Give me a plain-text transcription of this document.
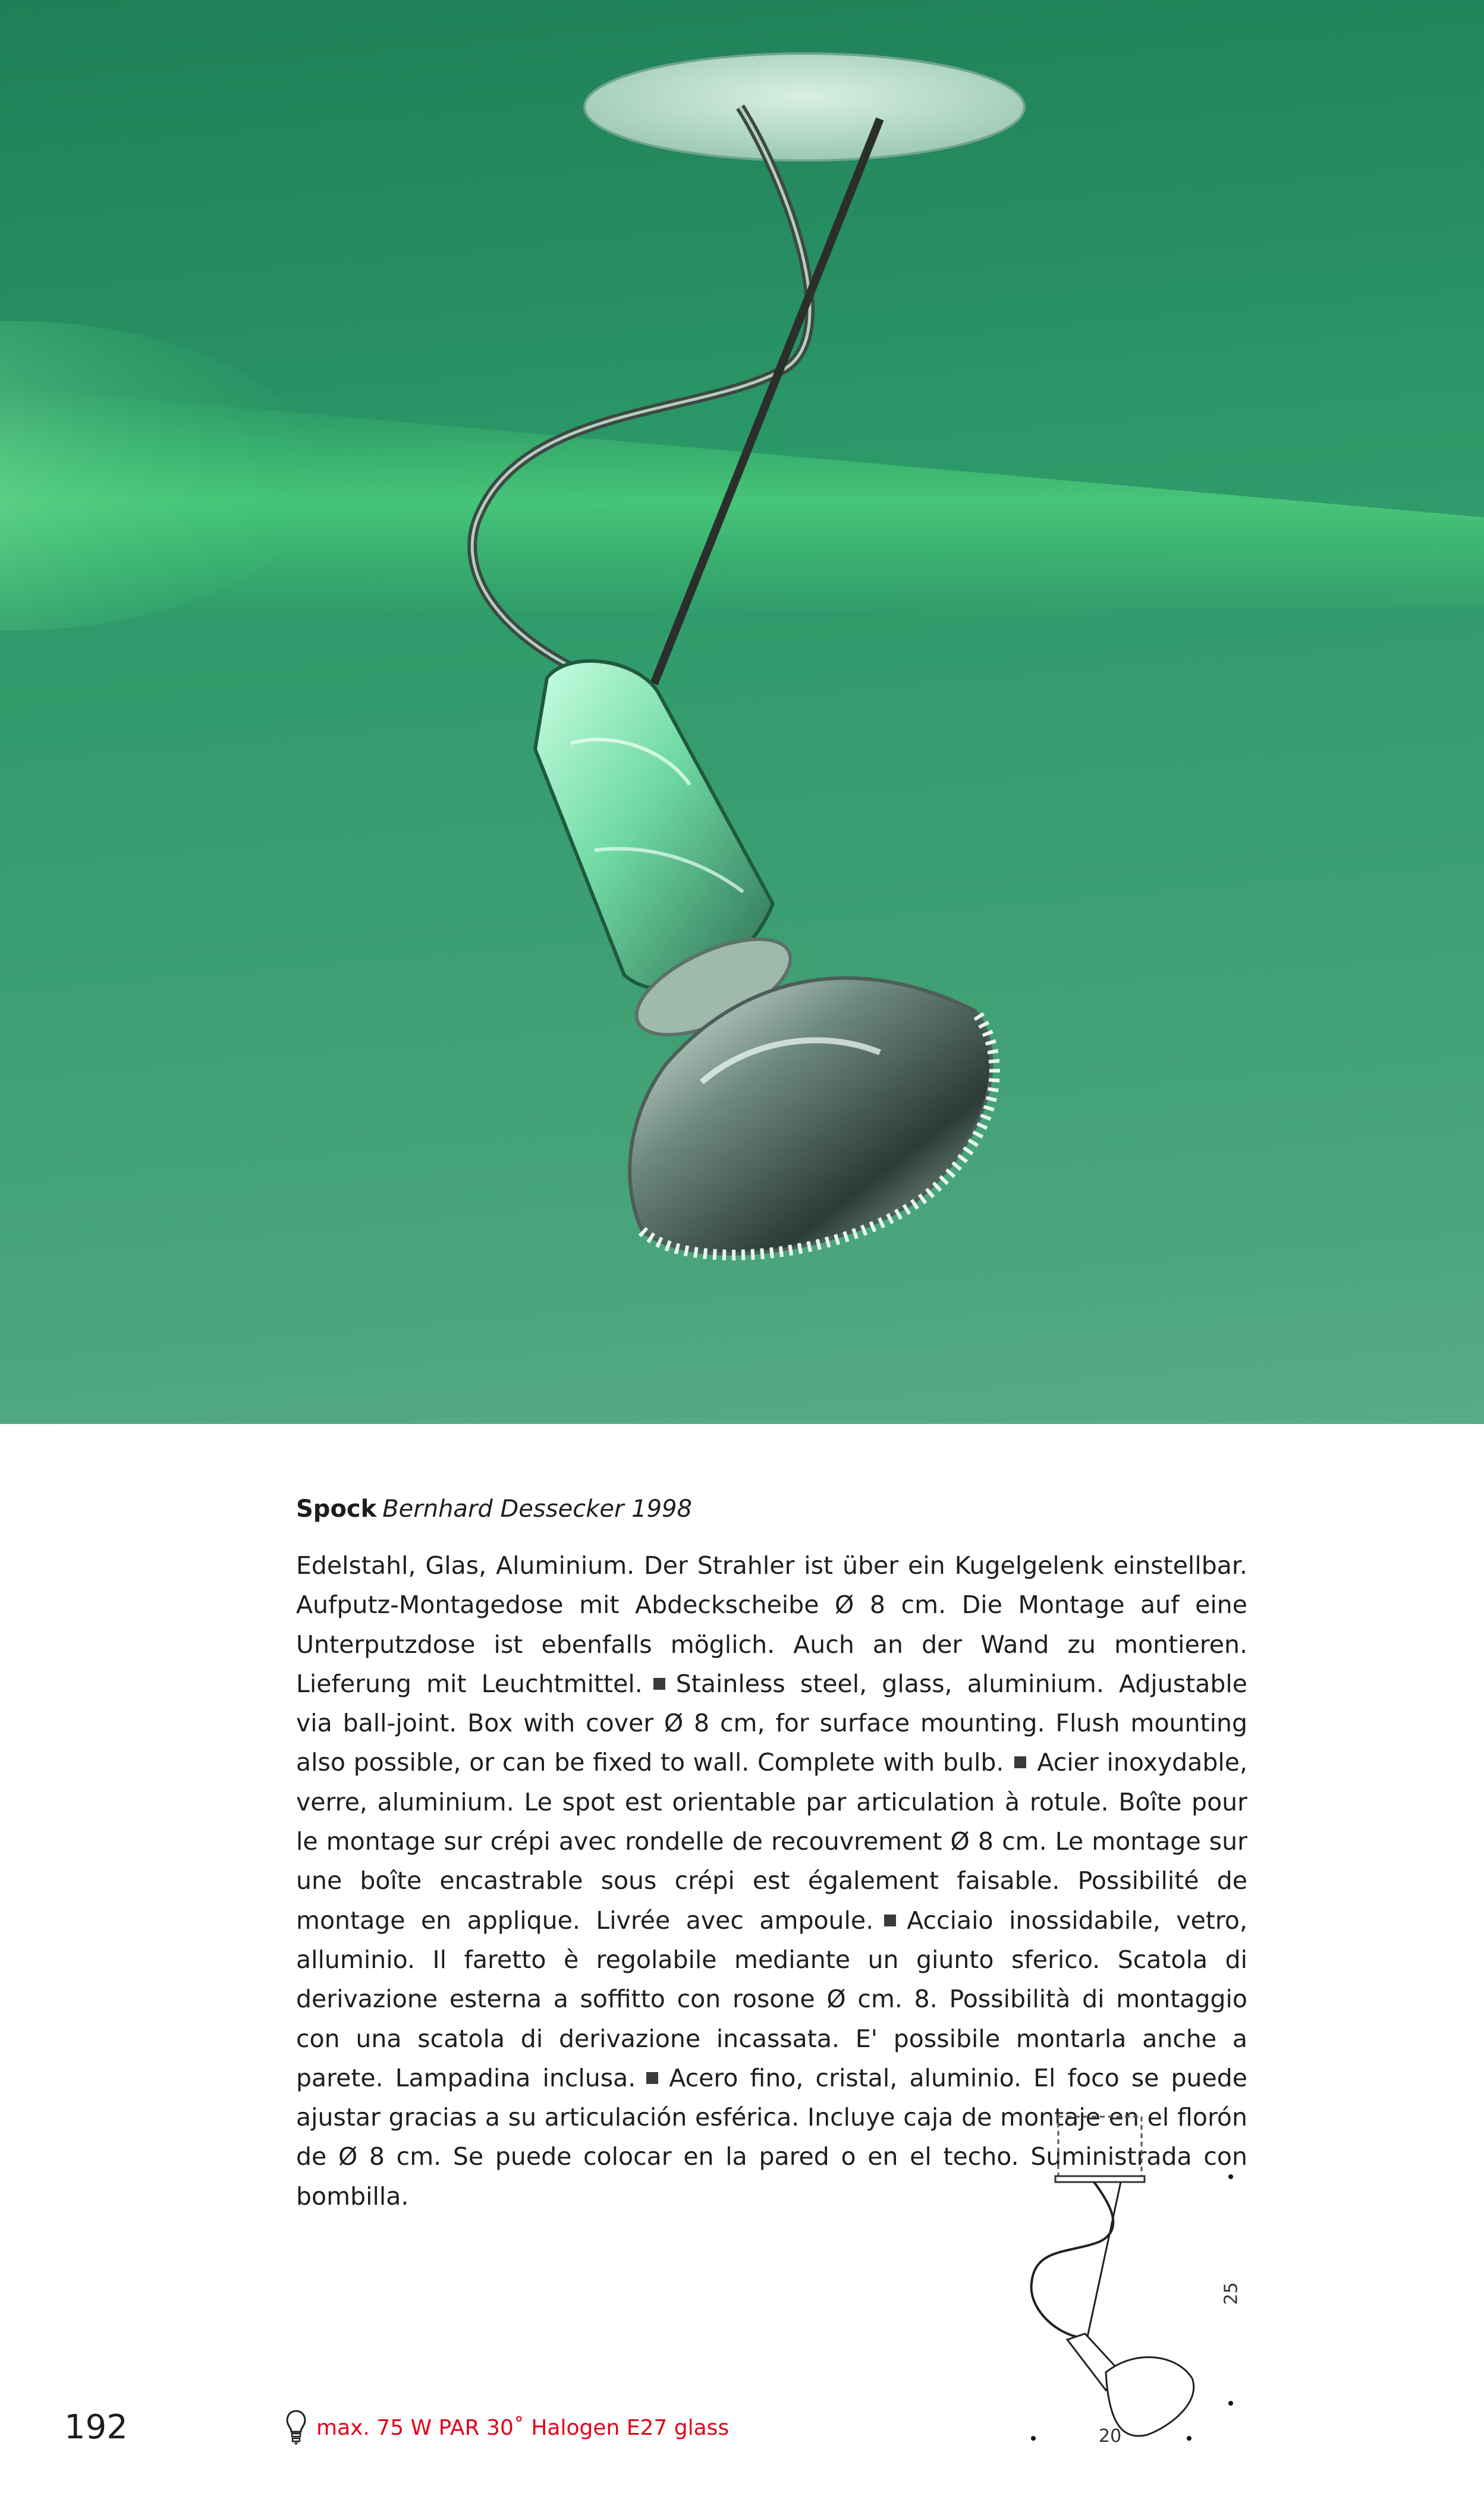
Spock Bernhard Dessecker 1998
Edelstahl, Glas, Aluminium. Der Strahler ist über ein Kugelgelenk einstellbar. Aufputz-Montagedose mit Abdeckscheibe Ø 8 cm. Die Montage auf eine Unterputzdose ist ebenfalls möglich. Auch an der Wand zu montieren. Lieferung mit Leuchtmittel. Stainless steel, glass, aluminium. Adjustable via ball-joint. Box with cover Ø 8 cm, for surface mounting. Flush mounting also possible, or can be fixed to wall. Complete with bulb. Acier inoxydable, verre, aluminium. Le spot est orientable par articulation à rotule. Boîte pour le montage sur crépi avec rondelle de recouvrement Ø 8 cm. Le montage sur une boîte encastrable sous crépi est également faisable. Possibilité de montage en applique. Livrée avec ampoule. Acciaio inossidabile, vetro, alluminio. Il faretto è regolabile mediante un giunto sferico. Scatola di derivazione esterna a soffitto con rosone Ø cm. 8. Possibilità di montaggio con una scatola di derivazione incassata. E' possibile montarla anche a parete. Lampadina inclusa. Acero fino, cristal, aluminio. El foco se puede ajustar gracias a su articulación esférica. Incluye caja de montaje en el florón de Ø 8 cm. Se puede colocar en la pared o en el techo. Suministrada con bombilla.
25
20
192	max. 75 W PAR 30˚ Halogen E27 glass
